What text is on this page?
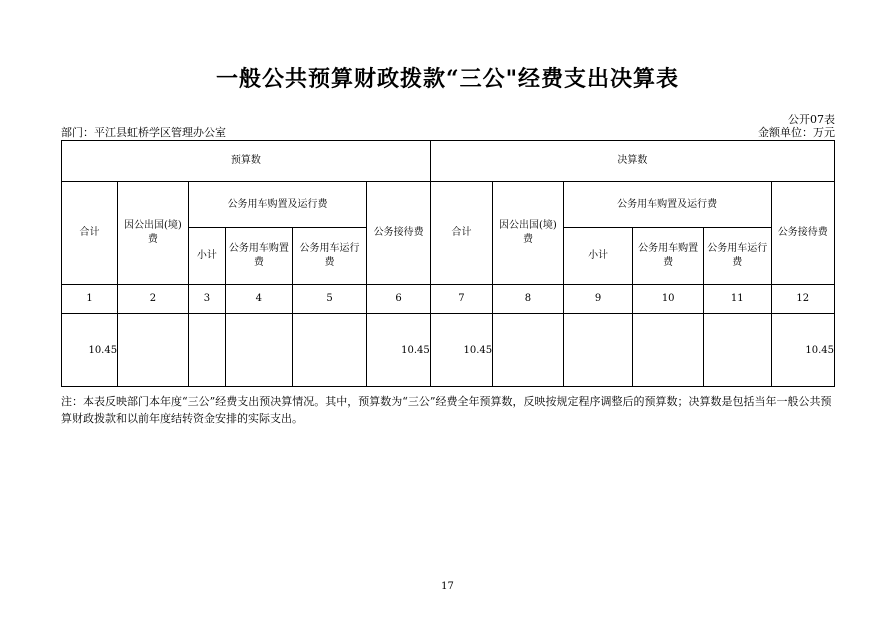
一般公共预算财政拨款“三公"经费支出决算表
公开07表
部门：平江县虹桥学区管理办公室	金额单位：万元
预算数						决算数					
合计	因公出国(境)费	公务用车购置及运行费			公务接待费	合计	因公出国(境)费	公务用车购置及运行费			公务接待费
		小计	公务用车购置费	公务用车运行费				小计	公务用车购置费	公务用车运行费	
1	2	3	4	5	6	7	8	9	10	11	12
10.45					10.45	10.45					10.45
注：本表反映部门本年度“三公”经费支出预决算情况。其中，预算数为“三公”经费全年预算数，反映按规定程序调整后的预算数；决算数是包括当年一般公共预算财政拨款和以前年度结转资金安排的实际支出。
17
